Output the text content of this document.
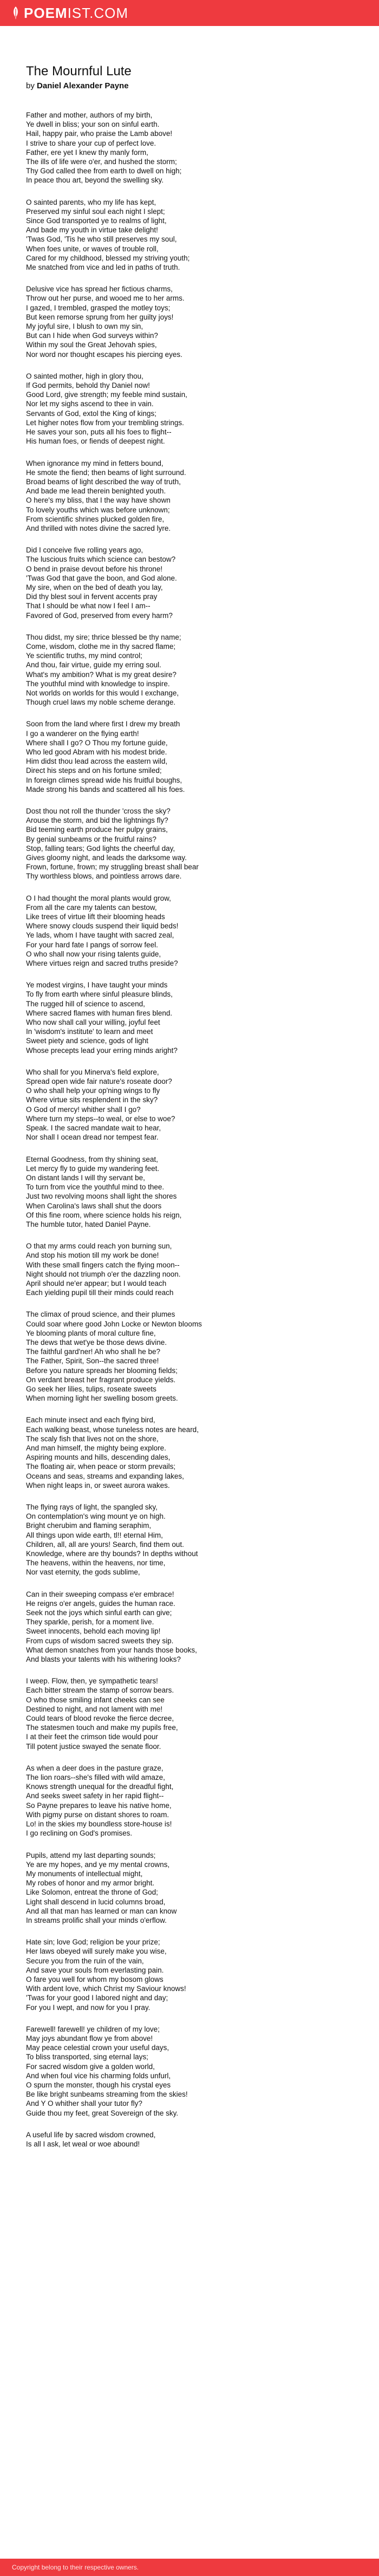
POEMIST.COM
The Mournful Lute
by Daniel Alexander Payne
Father and mother, authors of my birth,
Ye dwell in bliss; your son on sinful earth.
Hail, happy pair, who praise the Lamb above!
I strive to share your cup of perfect love.
Father, ere yet I knew thy manly form,
The ills of life were o'er, and hushed the storm;
Thy God called thee from earth to dwell on high;
In peace thou art, beyond the swelling sky.
O sainted parents, who my life has kept,
Preserved my sinful soul each night I slept;
Since God transported ye to realms of light,
And bade my youth in virtue take delight!
'Twas God, 'Tis he who still preserves my soul,
When foes unite, or waves of trouble roll,
Cared for my childhood, blessed my striving youth;
Me snatched from vice and led in paths of truth.
Delusive vice has spread her fictious charms,
Throw out her purse, and wooed me to her arms.
I gazed, I trembled, grasped the motley toys;
But keen remorse sprung from her guilty joys!
My joyful sire, I blush to own my sin,
But can I hide when God surveys within?
Within my soul the Great Jehovah spies,
Nor word nor thought escapes his piercing eyes.
O sainted mother, high in glory thou,
If God permits, behold thy Daniel now!
Good Lord, give strength; my feeble mind sustain,
Nor let my sighs ascend to thee in vain.
Servants of God, extol the King of kings;
Let higher notes flow from your trembling strings.
He saves your son, puts all his foes to flight--
His human foes, or fiends of deepest night.
When ignorance my mind in fetters bound,
He smote the fiend; then beams of light surround.
Broad beams of light described the way of truth,
And bade me lead therein benighted youth.
O here's my bliss, that I the way have shown
To lovely youths which was before unknown;
From scientific shrines plucked golden fire,
And thrilled with notes divine the sacred lyre.
Did I conceive five rolling years ago,
The luscious fruits which science can bestow?
O bend in praise devout before his throne!
'Twas God that gave the boon, and God alone.
My sire, when on the bed of death you lay,
Did thy blest soul in fervent accents pray
That I should be what now I feel I am--
Favored of God, preserved from every harm?
Thou didst, my sire; thrice blessed be thy name;
Come, wisdom, clothe me in thy sacred flame;
Ye scientific truths, my mind control;
And thou, fair virtue, guide my erring soul.
What's my ambition? What is my great desire?
The youthful mind with knowledge to inspire.
Not worlds on worlds for this would I exchange,
Though cruel laws my noble scheme derange.
Soon from the land where first I drew my breath
I go a wanderer on the flying earth!
Where shall I go? O Thou my fortune guide,
Who led good Abram with his modest bride.
Him didst thou lead across the eastern wild,
Direct his steps and on his fortune smiled;
In foreign climes spread wide his fruitful boughs,
Made strong his bands and scattered all his foes.
Dost thou not roll the thunder 'cross the sky?
Arouse the storm, and bid the lightnings fly?
Bid teeming earth produce her pulpy grains,
By genial sunbeams or the fruitful rains?
Stop, falling tears; God lights the cheerful day,
Gives gloomy night, and leads the darksome way.
Frown, fortune, frown; my struggling breast shall bear
Thy worthless blows, and pointless arrows dare.
O I had thought the moral plants would grow,
From all the care my talents can bestow,
Like trees of virtue lift their blooming heads
Where snowy clouds suspend their liquid beds!
Ye lads, whom I have taught with sacred zeal,
For your hard fate I pangs of sorrow feel.
O who shall now your rising talents guide,
Where virtues reign and sacred truths preside?
Ye modest virgins, I have taught your minds
To fly from earth where sinful pleasure blinds,
The rugged hill of science to ascend,
Where sacred flames with human fires blend.
Who now shall call your willing, joyful feet
In 'wisdom's institute' to learn and meet
Sweet piety and science, gods of light
Whose precepts lead your erring minds aright?
Who shall for you Minerva's field explore,
Spread open wide fair nature's roseate door?
O who shall help your op'ning wings to fly
Where virtue sits resplendent in the sky?
O God of mercy! whither shall I go?
Where turn my steps--to weal, or else to woe?
Speak. I the sacred mandate wait to hear,
Nor shall I ocean dread nor tempest fear.
Eternal Goodness, from thy shining seat,
Let mercy fly to guide my wandering feet.
On distant lands I will thy servant be,
To turn from vice the youthful mind to thee.
Just two revolving moons shall light the shores
When Carolina's laws shall shut the doors
Of this fine room, where science holds his reign,
The humble tutor, hated Daniel Payne.
O that my arms could reach yon burning sun,
And stop his motion till my work be done!
With these small fingers catch the flying moon--
Night should not triumph o'er the dazzling noon.
April should ne'er appear; but I would teach
Each yielding pupil till their minds could reach
The climax of proud science, and their plumes
Could soar where good John Locke or Newton blooms
Ye blooming plants of moral culture fine,
The dews that wet'ye be those dews divine.
The faithful gard'ner! Ah who shall he be?
The Father, Spirit, Son--the sacred three!
Before you nature spreads her blooming fields;
On verdant breast her fragrant produce yields.
Go seek her lilies, tulips, roseate sweets
When morning light her swelling bosom greets.
Each minute insect and each flying bird,
Each walking beast, whose tuneless notes are heard,
The scaly fish that lives not on the shore,
And man himself, the mighty being explore.
Aspiring mounts and hills, descending dales,
The floating air, when peace or storm prevails;
Oceans and seas, streams and expanding lakes,
When night leaps in, or sweet aurora wakes.
The flying rays of light, the spangled sky,
On contemplation's wing mount ye on high.
Bright cherubim and flaming seraphim,
All things upon wide earth, tl!! eternal Him,
Children, all, all are yours! Search, find them out.
Knowledge, where are thy bounds? In depths without
The heavens, within the heavens, nor time,
Nor vast eternity, the gods sublime,
Can in their sweeping compass e'er embrace!
He reigns o'er angels, guides the human race.
Seek not the joys which sinful earth can give;
They sparkle, perish, for a moment live.
Sweet innocents, behold each moving lip!
From cups of wisdom sacred sweets they sip.
What demon snatches from your hands those books,
And blasts your talents with his withering looks?
I weep. Flow, then, ye sympathetic tears!
Each bitter stream the stamp of sorrow bears.
O who those smiling infant cheeks can see
Destined to night, and not lament with me!
Could tears of blood revoke the fierce decree,
The statesmen touch and make my pupils free,
I at their feet the crimson tide would pour
Till potent justice swayed the senate floor.
As when a deer does in the pasture graze,
The lion roars--she's filled with wild amaze,
Knows strength unequal for the dreadful fight,
And seeks sweet safety in her rapid flight--
So Payne prepares to leave his native home,
With pigmy purse on distant shores to roam.
Lo! in the skies my boundless store-house is!
I go reclining on God's promises.
Pupils, attend my last departing sounds;
Ye are my hopes, and ye my mental crowns,
My monuments of intellectual might,
My robes of honor and my armor bright.
Like Solomon, entreat the throne of God;
Light shall descend in lucid columns broad,
And all that man has learned or man can know
In streams prolific shall your minds o'erflow.
Hate sin; love God; religion be your prize;
Her laws obeyed will surely make you wise,
Secure you from the ruin of the vain,
And save your souls from everlasting pain.
O fare you well for whom my bosom glows
With ardent love, which Christ my Saviour knows!
'Twas for your good I labored night and day;
For you I wept, and now for you I pray.
Farewell! farewell! ye children of my love;
May joys abundant flow ye from above!
May peace celestial crown your useful days,
To bliss transported, sing eternal lays;
For sacred wisdom give a golden world,
And when foul vice his charming folds unfurl,
O spurn the monster, though his crystal eyes
Be like bright sunbeams streaming from the skies!
And Y O whither shall your tutor fly?
Guide thou my feet, great Sovereign of the sky.
A useful life by sacred wisdom crowned,
Is all I ask, let weal or woe abound!
Copyright belong to their respective owners.
